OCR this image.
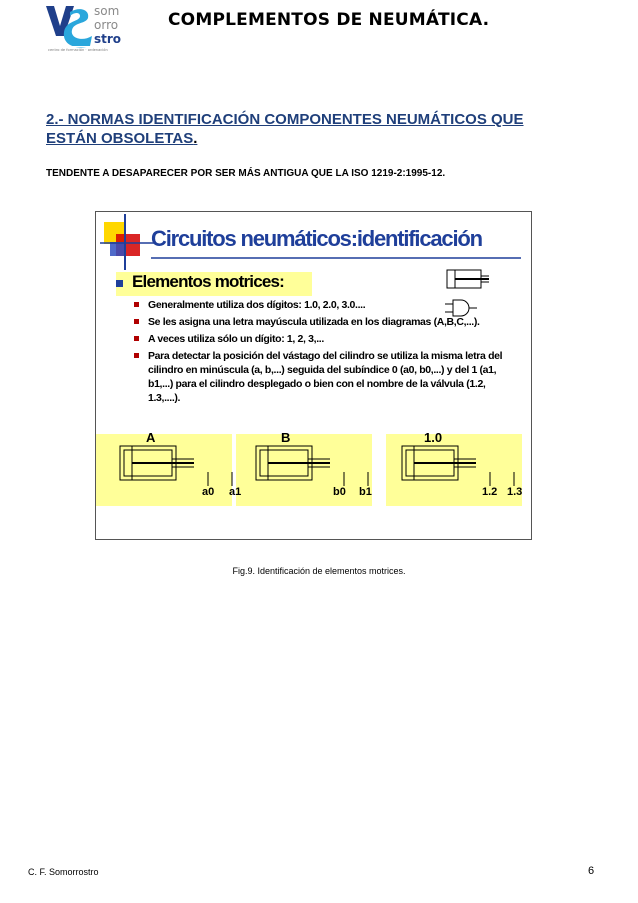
som
orro
stro
centro de formación · ordenación
COMPLEMENTOS DE NEUMÁTICA.
2.- NORMAS IDENTIFICACIÓN COMPONENTES NEUMÁTICOS QUE
ESTÁN OBSOLETAS.
TENDENTE A DESAPARECER POR SER MÁS ANTIGUA QUE LA ISO 1219-2:1995-12.
Circuitos neumáticos:identificación
Elementos motrices:
Generalmente utiliza dos dígitos: 1.0, 2.0, 3.0....
Se les asigna una letra mayúscula utilizada en los diagramas (A,B,C,...).
A veces utiliza sólo un dígito: 1, 2, 3,...
Para detectar la posición del vástago del cilindro se utiliza la misma letra del cilindro en minúscula (a, b,...) seguida del subíndice 0 (a0, b0,...) y del 1 (a1, b1,...) para el cilindro desplegado o bien con el nombre de la válvula (1.2, 1.3,....).
A	B	1.0
a0 a1	b0 b1	1.2 1.3
Fig.9. Identificación de elementos motrices.
C. F. Somorrostro	6
